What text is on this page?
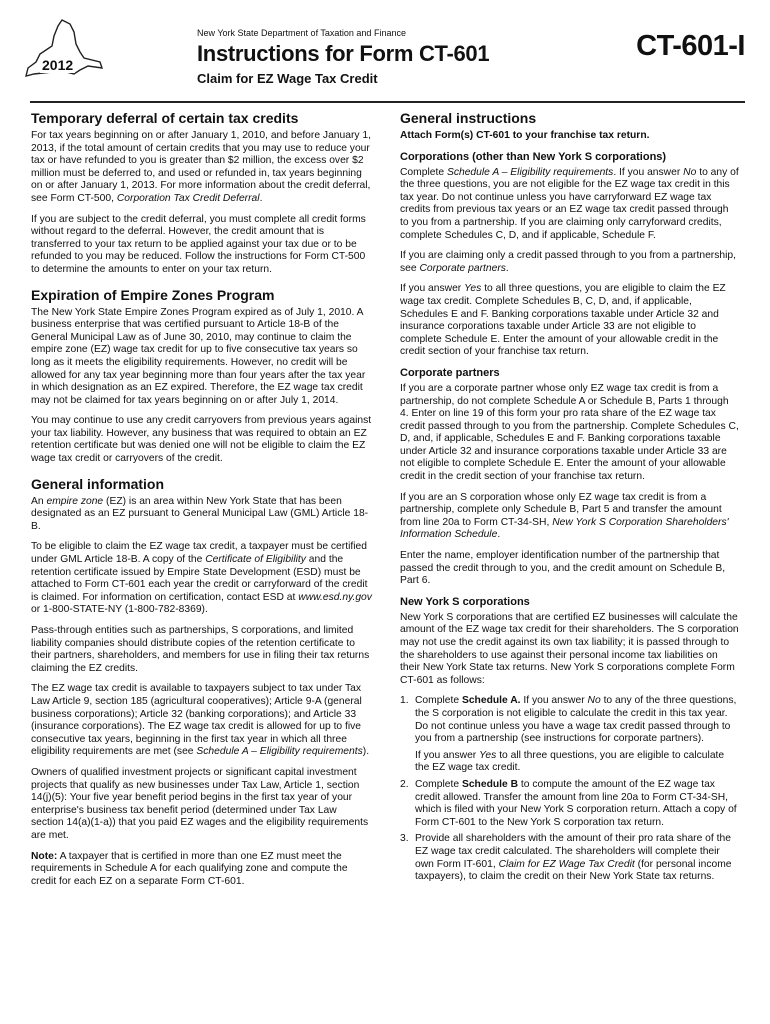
2012
New York State Department of Taxation and Finance
Instructions for Form CT-601
Claim for EZ Wage Tax Credit
CT-601-I
Temporary deferral of certain tax credits

For tax years beginning on or after January 1, 2010, and before January 1, 2013, if the total amount of certain credits that you may use to reduce your tax or have refunded to you is greater than $2 million, the excess over $2 million must be deferred to, and used or refunded in, tax years beginning on or after January 1, 2013. For more information about the credit deferral, see Form CT-500, Corporation Tax Credit Deferral.

If you are subject to the credit deferral, you must complete all credit forms without regard to the deferral. However, the credit amount that is transferred to your tax return to be applied against your tax due or to be refunded to you may be reduced. Follow the instructions for Form CT-500 to determine the amounts to enter on your tax return.

Expiration of Empire Zones Program

The New York State Empire Zones Program expired as of July 1, 2010. A business enterprise that was certified pursuant to Article 18-B of the General Municipal Law as of June 30, 2010, may continue to claim the empire zone (EZ) wage tax credit for up to five consecutive tax years so long as it meets the eligibility requirements. However, no credit will be allowed for any tax year beginning more than four years after the tax year in which designation as an EZ expired. Therefore, the EZ wage tax credit may not be claimed for tax years beginning on or after July 1, 2014.

You may continue to use any credit carryovers from previous years against your tax liability. However, any business that was required to obtain an EZ retention certificate but was denied one will not be eligible to claim the EZ wage tax credit or carryovers of the credit.

General information

An empire zone (EZ) is an area within New York State that has been designated as an EZ pursuant to General Municipal Law (GML) Article 18-B.

To be eligible to claim the EZ wage tax credit, a taxpayer must be certified under GML Article 18-B. A copy of the Certificate of Eligibility and the retention certificate issued by Empire State Development (ESD) must be attached to Form CT-601 each year the credit or carryforward of the credit is claimed. For information on certification, contact ESD at www.esd.ny.gov or 1-800-STATE-NY (1-800-782-8369).

Pass-through entities such as partnerships, S corporations, and limited liability companies should distribute copies of the retention certificate to their partners, shareholders, and members for use in filing their tax returns claiming the EZ credits.

The EZ wage tax credit is available to taxpayers subject to tax under Tax Law Article 9, section 185 (agricultural cooperatives); Article 9-A (general business corporations); Article 32 (banking corporations); and Article 33 (insurance corporations). The EZ wage tax credit is allowed for up to five consecutive tax years, beginning in the first tax year in which all three eligibility requirements are met (see Schedule A – Eligibility requirements).

Owners of qualified investment projects or significant capital investment projects that qualify as new businesses under Tax Law, Article 1, section 14(j)(5): Your five year benefit period begins in the first tax year of your enterprise's business tax benefit period (determined under Tax Law section 14(a)(1-a)) that you paid EZ wages and the eligibility requirements are met.

Note: A taxpayer that is certified in more than one EZ must meet the requirements in Schedule A for each qualifying zone and compute the credit for each EZ on a separate Form CT-601.

General instructions

Attach Form(s) CT-601 to your franchise tax return.

Corporations (other than New York S corporations)

Complete Schedule A – Eligibility requirements. If you answer No to any of the three questions, you are not eligible for the EZ wage tax credit in this tax year. Do not continue unless you have carryforward EZ wage tax credits from previous tax years or an EZ wage tax credit passed through to you from a partnership. If you are claiming only carryforward credits, complete Schedules C, D, and if applicable, Schedule F.

If you are claiming only a credit passed through to you from a partnership, see Corporate partners.

If you answer Yes to all three questions, you are eligible to claim the EZ wage tax credit. Complete Schedules B, C, D, and, if applicable, Schedules E and F. Banking corporations taxable under Article 32 and insurance corporations taxable under Article 33 are not eligible to complete Schedule E. Enter the amount of your allowable credit in the credit section of your franchise tax return.

Corporate partners

If you are a corporate partner whose only EZ wage tax credit is from a partnership, do not complete Schedule A or Schedule B, Parts 1 through 4. Enter on line 19 of this form your pro rata share of the EZ wage tax credit passed through to you from the partnership. Complete Schedules C, D, and, if applicable, Schedules E and F. Banking corporations taxable under Article 32 and insurance corporations taxable under Article 33 are not eligible to complete Schedule E. Enter the amount of your allowable credit in the credit section of your franchise tax return.

If you are an S corporation whose only EZ wage tax credit is from a partnership, complete only Schedule B, Part 5 and transfer the amount from line 20a to Form CT-34-SH, New York S Corporation Shareholders' Information Schedule.

Enter the name, employer identification number of the partnership that passed the credit through to you, and the credit amount on Schedule B, Part 6.

New York S corporations

New York S corporations that are certified EZ businesses will calculate the amount of the EZ wage tax credit for their shareholders. The S corporation may not use the credit against its own tax liability; it is passed through to the shareholders to use against their personal income tax liabilities on their New York State tax returns. New York S corporations complete Form CT-601 as follows:

1. Complete Schedule A. If you answer No to any of the three questions, the S corporation is not eligible to calculate the credit in this tax year. Do not continue unless you have a wage tax credit passed through to you from a partnership (see instructions for corporate partners).
If you answer Yes to all three questions, you are eligible to calculate the EZ wage tax credit.
2. Complete Schedule B to compute the amount of the EZ wage tax credit allowed. Transfer the amount from line 20a to Form CT-34-SH, which is filed with your New York S corporation return. Attach a copy of Form CT-601 to the New York S corporation tax return.
3. Provide all shareholders with the amount of their pro rata share of the EZ wage tax credit calculated. The shareholders will complete their own Form IT-601, Claim for EZ Wage Tax Credit (for personal income taxpayers), to claim the credit on their New York State tax returns.
